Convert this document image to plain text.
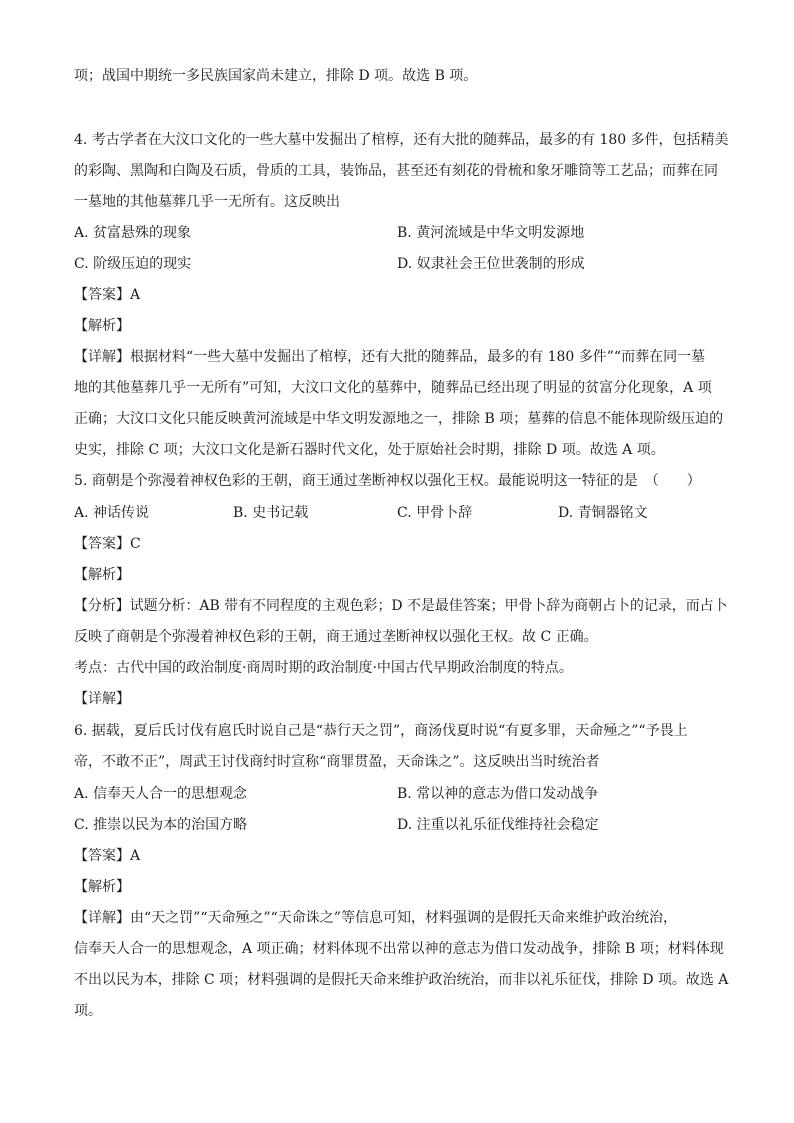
项；战国中期统一多民族国家尚未建立，排除 D 项。故选 B 项。
4. 考古学者在大汶口文化的一些大墓中发掘出了棺椁，还有大批的随葬品，最多的有 180 多件，包括精美
的彩陶、黑陶和白陶及石质，骨质的工具，装饰品，甚至还有刻花的骨梳和象牙雕筒等工艺品；而葬在同
一墓地的其他墓葬几乎一无所有。这反映出
A. 贫富悬殊的现象	B. 黄河流域是中华文明发源地
C. 阶级压迫的现实	D. 奴隶社会王位世袭制的形成
【答案】A
【解析】
【详解】根据材料“一些大墓中发掘出了棺椁，还有大批的随葬品，最多的有 180 多件”“而葬在同一墓
地的其他墓葬几乎一无所有”可知，大汶口文化的墓葬中，随葬品已经出现了明显的贫富分化现象，A 项
正确；大汶口文化只能反映黄河流域是中华文明发源地之一，排除 B 项；墓葬的信息不能体现阶级压迫的
史实，排除 C 项；大汶口文化是新石器时代文化，处于原始社会时期，排除 D 项。故选 A 项。
5. 商朝是个弥漫着神权色彩的王朝，商王通过垄断神权以强化王权。最能说明这一特征的是　（　　）
A. 神话传说	B. 史书记载	C. 甲骨卜辞	D. 青铜器铭文
【答案】C
【解析】
【分析】试题分析：AB 带有不同程度的主观色彩；D 不是最佳答案；甲骨卜辞为商朝占卜的记录，而占卜
反映了商朝是个弥漫着神权色彩的王朝，商王通过垄断神权以强化王权。故 C 正确。
考点：古代中国的政治制度·商周时期的政治制度·中国古代早期政治制度的特点。
【详解】
6. 据载，夏后氏讨伐有扈氏时说自己是“恭行天之罚”，商汤伐夏时说“有夏多罪，天命殛之”“予畏上
帝，不敢不正”，周武王讨伐商纣时宣称“商罪贯盈，天命诛之”。这反映出当时统治者
A. 信奉天人合一的思想观念	B. 常以神的意志为借口发动战争
C. 推崇以民为本的治国方略	D. 注重以礼乐征伐维持社会稳定
【答案】A
【解析】
【详解】由“天之罚”“天命殛之”“天命诛之”等信息可知，材料强调的是假托天命来维护政治统治，
信奉天人合一的思想观念，A 项正确；材料体现不出常以神的意志为借口发动战争，排除 B 项；材料体现
不出以民为本，排除 C 项；材料强调的是假托天命来维护政治统治，而非以礼乐征伐，排除 D 项。故选 A
项。
